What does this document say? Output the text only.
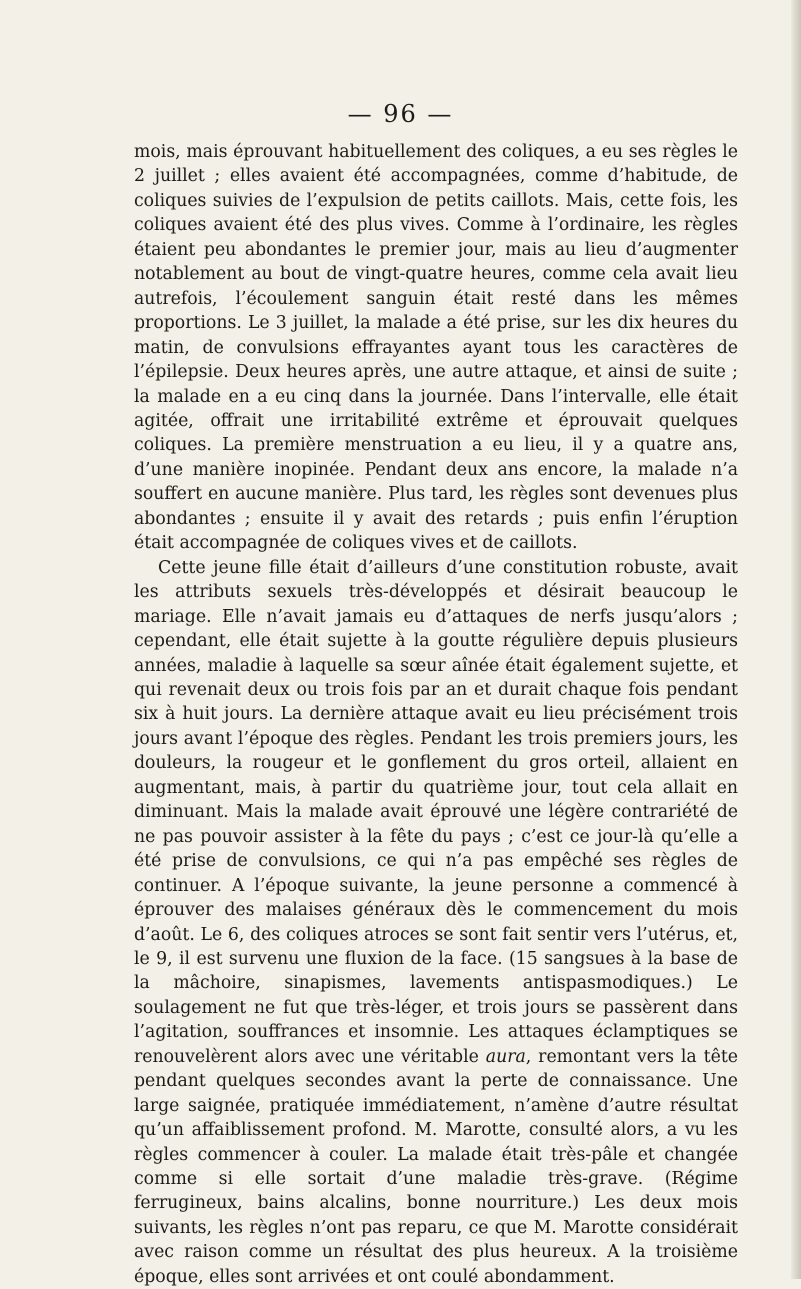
— 96 —

mois, mais éprouvant habituellement des coliques, a eu ses règles le 2 juillet ; elles avaient été accompagnées, comme d’habitude, de coliques suivies de l’expulsion de petits caillots. Mais, cette fois, les coliques avaient été des plus vives. Comme à l’ordinaire, les règles étaient peu abondantes le premier jour, mais au lieu d’augmenter notablement au bout de vingt-quatre heures, comme cela avait lieu autrefois, l’écoulement sanguin était resté dans les mêmes proportions. Le 3 juillet, la malade a été prise, sur les dix heures du matin, de convulsions effrayantes ayant tous les caractères de l’épilepsie. Deux heures après, une autre attaque, et ainsi de suite ; la malade en a eu cinq dans la journée. Dans l’intervalle, elle était agitée, offrait une irritabilité extrême et éprouvait quelques coliques. La première menstruation a eu lieu, il y a quatre ans, d’une manière inopinée. Pendant deux ans encore, la malade n’a souffert en aucune manière. Plus tard, les règles sont devenues plus abondantes ; ensuite il y avait des retards ; puis enfin l’éruption était accompagnée de coliques vives et de caillots.

Cette jeune fille était d’ailleurs d’une constitution robuste, avait les attributs sexuels très-développés et désirait beaucoup le mariage. Elle n’avait jamais eu d’attaques de nerfs jusqu’alors ; cependant, elle était sujette à la goutte régulière depuis plusieurs années, maladie à laquelle sa sœur aînée était également sujette, et qui revenait deux ou trois fois par an et durait chaque fois pendant six à huit jours. La dernière attaque avait eu lieu précisément trois jours avant l’époque des règles. Pendant les trois premiers jours, les douleurs, la rougeur et le gonflement du gros orteil, allaient en augmentant, mais, à partir du quatrième jour, tout cela allait en diminuant. Mais la malade avait éprouvé une légère contrariété de ne pas pouvoir assister à la fête du pays ; c’est ce jour-là qu’elle a été prise de convulsions, ce qui n’a pas empêché ses règles de continuer. A l’époque suivante, la jeune personne a commencé à éprouver des malaises généraux dès le commencement du mois d’août. Le 6, des coliques atroces se sont fait sentir vers l’utérus, et, le 9, il est survenu une fluxion de la face. (15 sangsues à la base de la mâchoire, sinapismes, lavements antispasmodiques.) Le soulagement ne fut que très-léger, et trois jours se passèrent dans l’agitation, souffrances et insomnie. Les attaques éclamptiques se renouvelèrent alors avec une véritable aura, remontant vers la tête pendant quelques secondes avant la perte de connaissance. Une large saignée, pratiquée immédiatement, n’amène d’autre résultat qu’un affaiblissement profond. M. Marotte, consulté alors, a vu les règles commencer à couler. La malade était très-pâle et changée comme si elle sortait d’une maladie très-grave. (Régime ferrugineux, bains alcalins, bonne nourriture.) Les deux mois suivants, les règles n’ont pas reparu, ce que M. Marotte considérait avec raison comme un résultat des plus heureux. A la troisième époque, elles sont arrivées et ont coulé abondamment.
